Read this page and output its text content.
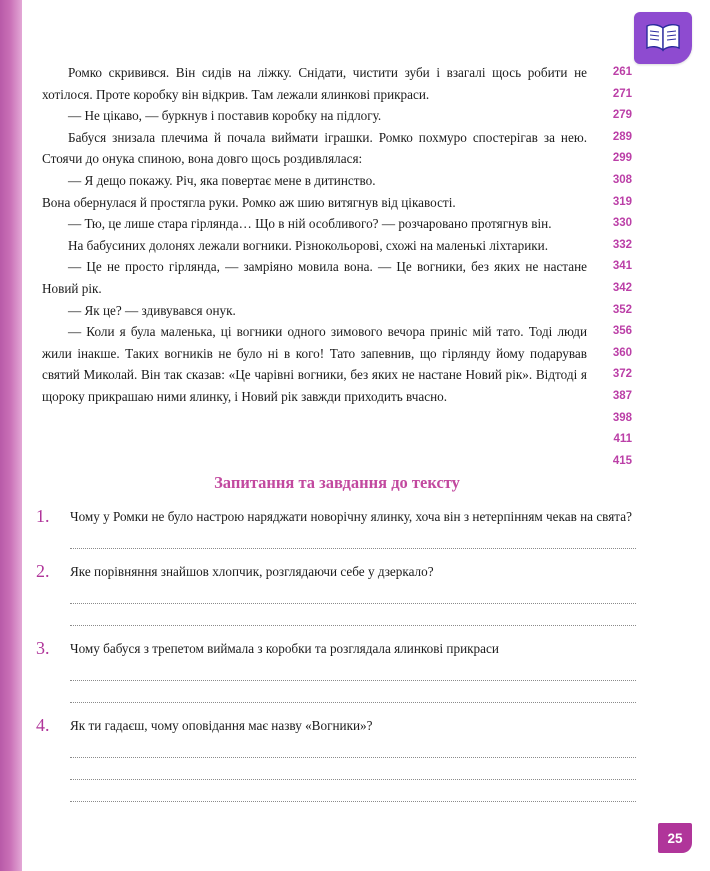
Ромко скривився. Він сидів на ліжку. Снідати, чистити зуби і взагалі щось робити не хотілося. Проте коробку він відкрив. Там лежали ялинкові прикраси.

— Не цікаво, — буркнув і поставив коробку на підлогу.

Бабуся знизала плечима й почала виймати іграшки. Ромко похмуро спостерігав за нею. Стоячи до онука спиною, вона довго щось роздивлялася:

— Я дещо покажу. Річ, яка повертає мене в дитинство.

Вона обернулася й простягла руки. Ромко аж шию витягнув від цікавості.

— Тю, це лише стара гірлянда… Що в ній особливого? — розчаровано протягнув він.

На бабусиних долонях лежали вогники. Різнокольорові, схожі на маленькі ліхтарики.

— Це не просто гірлянда, — замріяно мовила вона. — Це вогники, без яких не настане Новий рік.

— Як це? — здивувався онук.

— Коли я була маленька, ці вогники одного зимового вечора приніс мій тато. Тоді люди жили інакше. Таких вогників не було ні в кого! Тато запевнив, що гірлянду йому подарував святий Миколай. Він так сказав: «Це чарівні вогники, без яких не настане Новий рік». Відтоді я щороку прикрашаю ними ялинку, і Новий рік завжди приходить вчасно.

261
271
279
289
299
308
319
330
332
341
342
352
356
360
372
387
398
411
415
Запитання та завдання до тексту
1.	Чому у Ромки не було настрою наряджати новорічну ялинку, хоча він з нетерпінням чекав на свята?
2.	Яке порівняння знайшов хлопчик, розглядаючи себе у дзеркало?
3.	Чому бабуся з трепетом виймала з коробки та розглядала ялинкові прикраси
4.	Як ти гадаєш, чому оповідання має назву «Вогники»?
25
